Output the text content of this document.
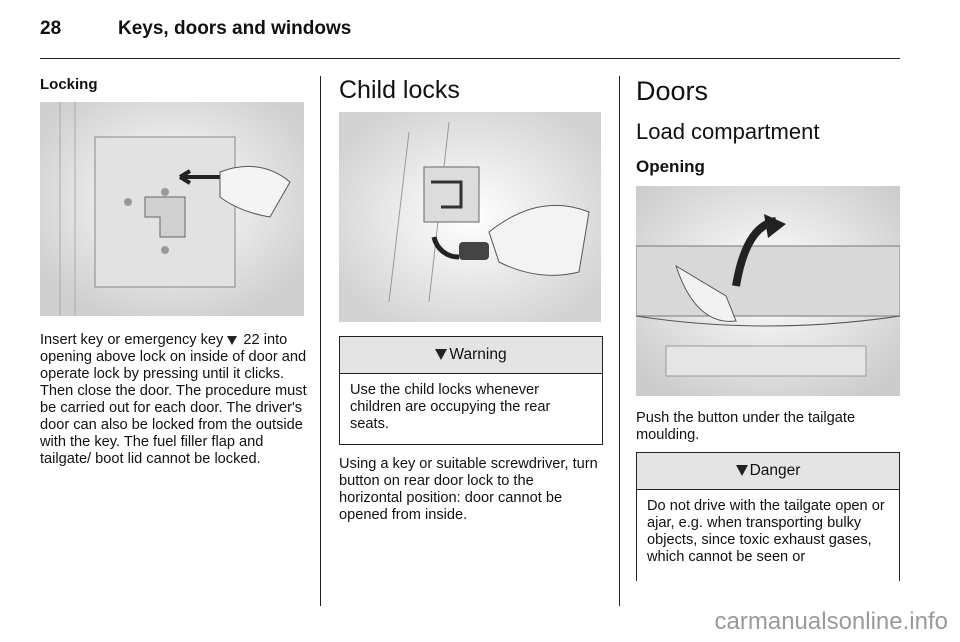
28	Keys, doors and windows
Locking
Insert key or emergency key  22 into opening above lock on inside of door and operate lock by pressing until it clicks. Then close the door. The procedure must be carried out for each door. The driver's door can also be locked from the outside with the key. The fuel filler flap and tailgate/ boot lid cannot be locked.
Child locks
Warning
Use the child locks whenever children are occupying the rear seats.
Using a key or suitable screwdriver, turn button on rear door lock to the horizontal position: door cannot be opened from inside.
Doors
Load compartment
Opening
Push the button under the tailgate moulding.
Danger
Do not drive with the tailgate open or ajar, e.g. when transporting bulky objects, since toxic exhaust gases, which cannot be seen or
carmanualsonline.info
